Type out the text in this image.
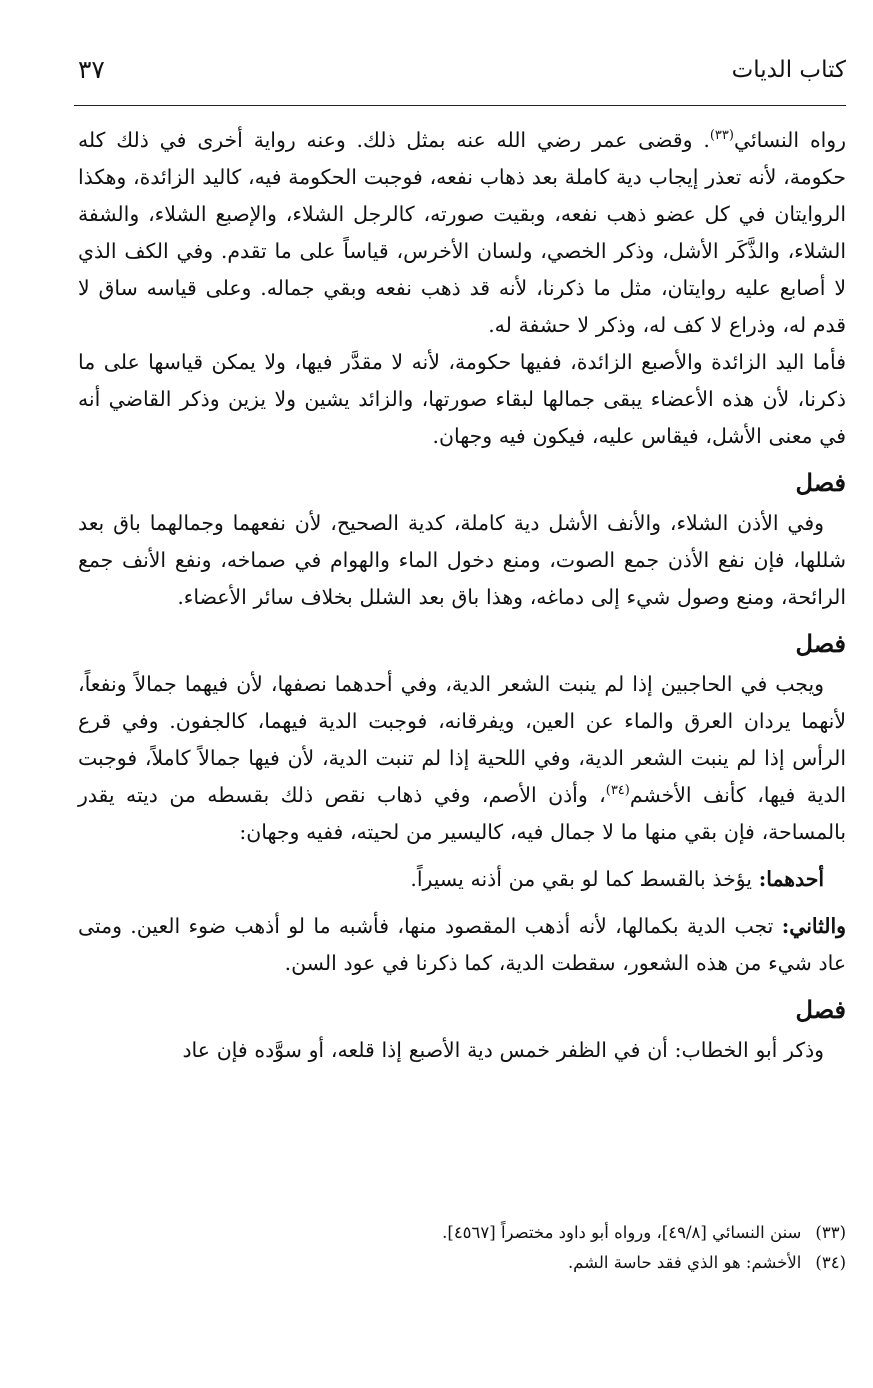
كتاب الديات
٣٧

رواه النسائي$^{(٣٣)}$. وقضى عمر رضي الله عنه بمثل ذلك. وعنه رواية أخرى في ذلك كله حكومة، لأنه تعذر إيجاب دية كاملة بعد ذهاب نفعه، فوجبت الحكومة فيه، كاليد الزائدة، وهكذا الروايتان في كل عضو ذهب نفعه، وبقيت صورته، كالرجل الشلاء، والإصبع الشلاء، والشفة الشلاء، والذَّكَر الأشل، وذكر الخصي، ولسان الأخرس، قياساً على ما تقدم. وفي الكف الذي لا أصابع عليه روايتان، مثل ما ذكرنا، لأنه قد ذهب نفعه وبقي جماله. وعلى قياسه ساق لا قدم له، وذراع لا كف له، وذكر لا حشفة له.

فأما اليد الزائدة والأصبع الزائدة، ففيها حكومة، لأنه لا مقدَّر فيها، ولا يمكن قياسها على ما ذكرنا، لأن هذه الأعضاء يبقى جمالها لبقاء صورتها، والزائد يشين ولا يزين وذكر القاضي أنه في معنى الأشل، فيقاس عليه، فيكون فيه وجهان.

فصل

وفي الأذن الشلاء، والأنف الأشل دية كاملة، كدية الصحيح، لأن نفعهما وجمالهما باق بعد شللها، فإن نفع الأذن جمع الصوت، ومنع دخول الماء والهوام في صماخه، ونفع الأنف جمع الرائحة، ومنع وصول شيء إلى دماغه، وهذا باق بعد الشلل بخلاف سائر الأعضاء.

فصل

ويجب في الحاجبين إذا لم ينبت الشعر الدية، وفي أحدهما نصفها، لأن فيهما جمالاً ونفعاً، لأنهما يردان العرق والماء عن العين، ويفرقانه، فوجبت الدية فيهما، كالجفون. وفي قرع الرأس إذا لم ينبت الشعر الدية، وفي اللحية إذا لم تنبت الدية، لأن فيها جمالاً كاملاً، فوجبت الدية فيها، كأنف الأخشم$^{(٣٤)}$، وأذن الأصم، وفي ذهاب نقص ذلك بقسطه من ديته يقدر بالمساحة، فإن بقي منها ما لا جمال فيه، كاليسير من لحيته، ففيه وجهان:

أحدهما: يؤخذ بالقسط كما لو بقي من أذنه يسيراً.

والثاني: تجب الدية بكمالها، لأنه أذهب المقصود منها، فأشبه ما لو أذهب ضوء العين. ومتى عاد شيء من هذه الشعور، سقطت الدية، كما ذكرنا في عود السن.

فصل

وذكر أبو الخطاب: أن في الظفر خمس دية الأصبع إذا قلعه، أو سوَّده فإن عاد

(٣٣)سنن النسائي [٤٩/٨]، ورواه أبو داود مختصراً [٤٥٦٧].

(٣٤)الأخشم: هو الذي فقد حاسة الشم.
